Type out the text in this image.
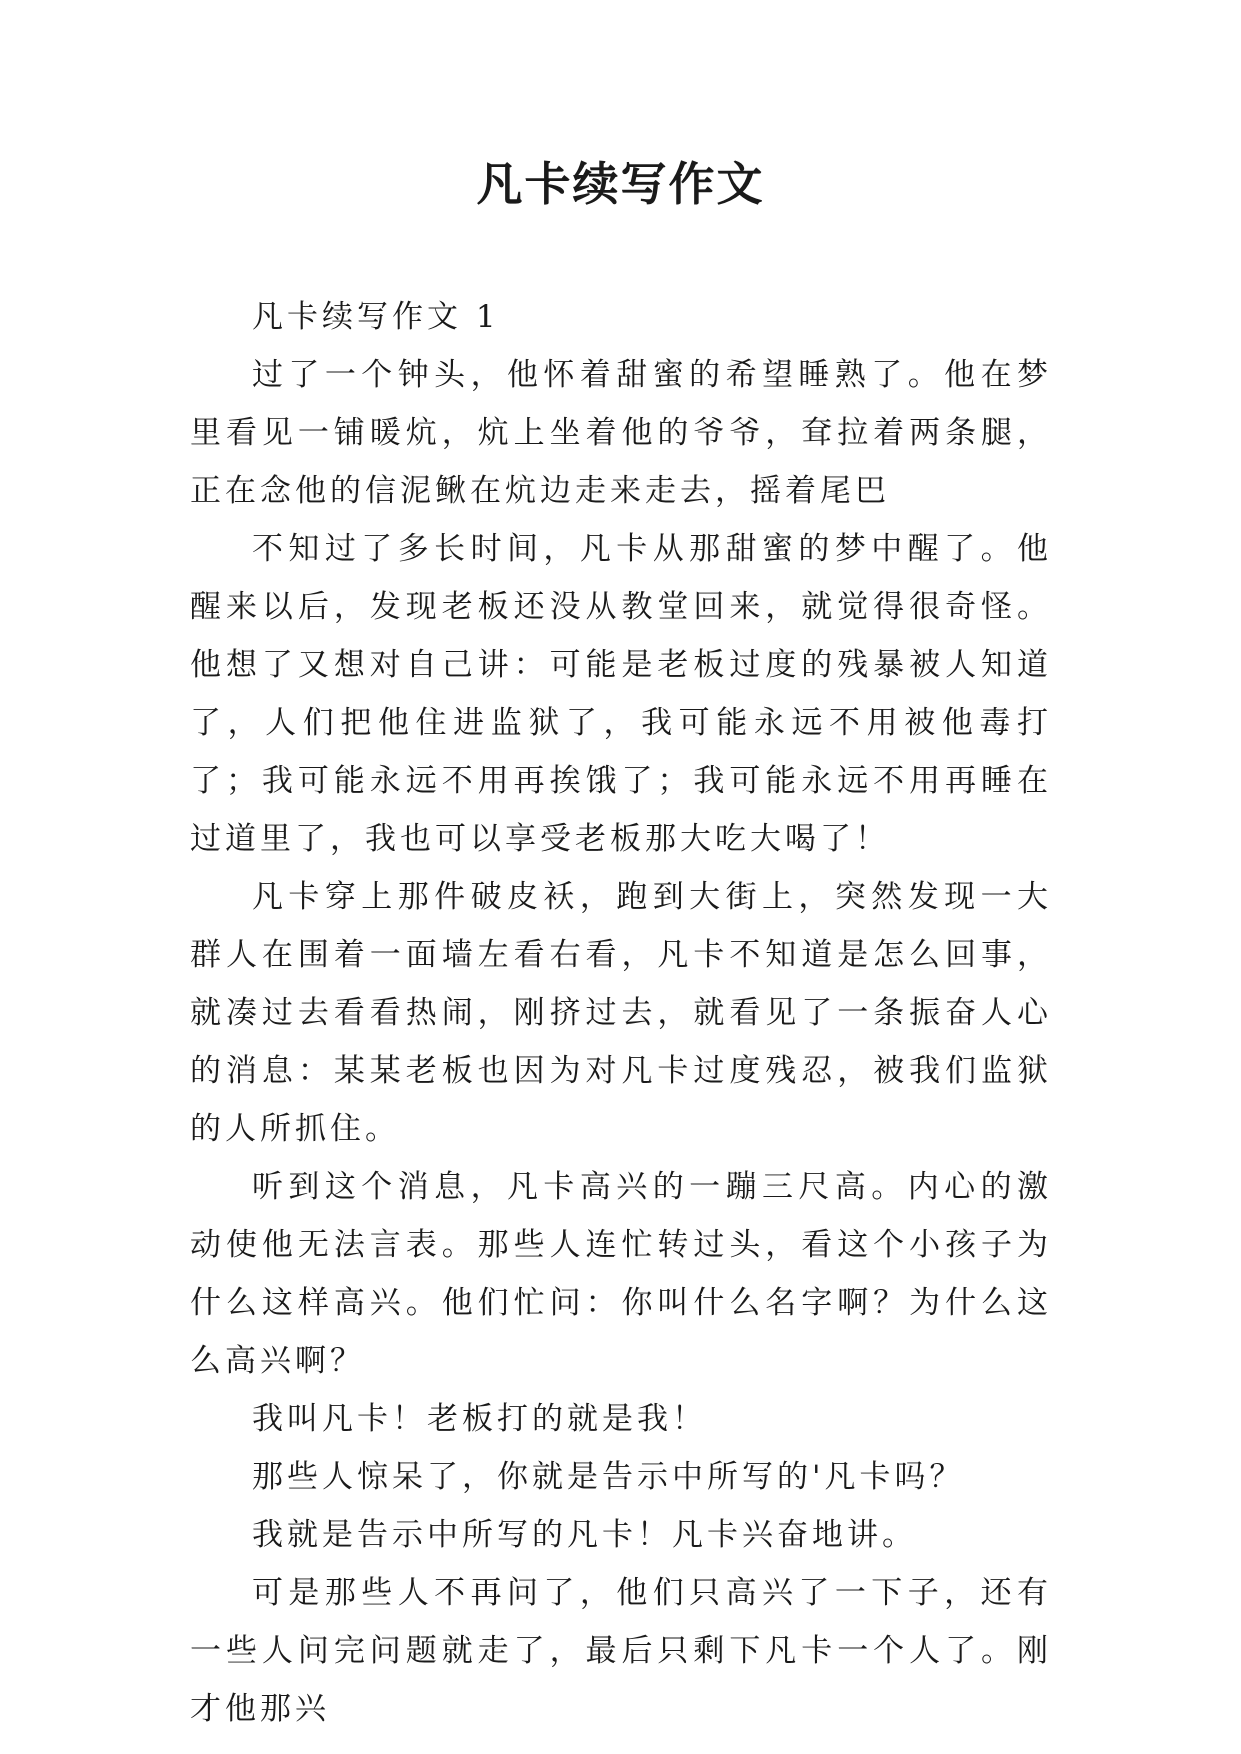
凡卡续写作文

凡卡续写作文 1

过了一个钟头，他怀着甜蜜的希望睡熟了。他在梦里看见一铺暖炕，炕上坐着他的爷爷，耷拉着两条腿，正在念他的信泥鳅在炕边走来走去，摇着尾巴

不知过了多长时间，凡卡从那甜蜜的梦中醒了。他醒来以后，发现老板还没从教堂回来，就觉得很奇怪。他想了又想对自己讲：可能是老板过度的残暴被人知道了，人们把他住进监狱了，我可能永远不用被他毒打了；我可能永远不用再挨饿了；我可能永远不用再睡在过道里了，我也可以享受老板那大吃大喝了！

凡卡穿上那件破皮袄，跑到大街上，突然发现一大群人在围着一面墙左看右看，凡卡不知道是怎么回事，就凑过去看看热闹，刚挤过去，就看见了一条振奋人心的消息：某某老板也因为对凡卡过度残忍，被我们监狱的人所抓住。

听到这个消息，凡卡高兴的一蹦三尺高。内心的激动使他无法言表。那些人连忙转过头，看这个小孩子为什么这样高兴。他们忙问：你叫什么名字啊？为什么这么高兴啊？

我叫凡卡！老板打的就是我！

那些人惊呆了，你就是告示中所写的'凡卡吗？

我就是告示中所写的凡卡！凡卡兴奋地讲。

可是那些人不再问了，他们只高兴了一下子，还有一些人问完问题就走了，最后只剩下凡卡一个人了。刚才他那兴
